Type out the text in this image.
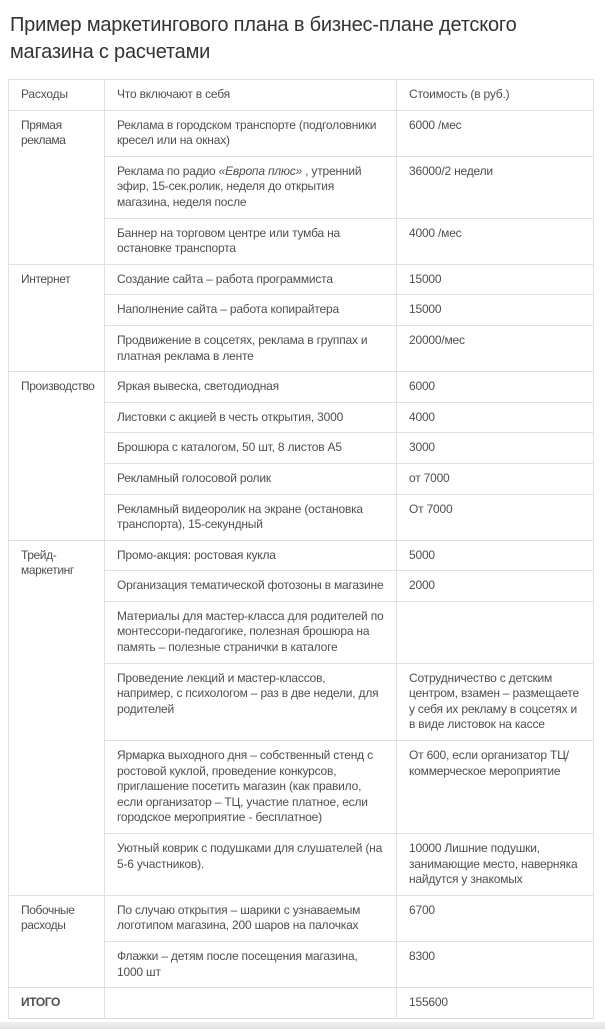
Пример маркетингового плана в бизнес-плане детского магазина с расчетами
Расходы	Что включают в себя	Стоимость (в руб.)
Прямая реклама	Реклама в городском транспорте (подголовники кресел или на окнах)	6000 /мес
	Реклама по радио «Европа плюс» , утренний эфир, 15-сек.ролик, неделя до открытия магазина, неделя после	36000/2 недели
	Баннер на торговом центре или тумба на остановке транспорта	4000 /мес
Интернет	Создание сайта – работа программиста	15000
	Наполнение сайта – работа копирайтера	15000
	Продвижение в соцсетях, реклама в группах и платная реклама в ленте	20000/мес
Производство	Яркая вывеска, светодиодная	6000
	Листовки с акцией в честь открытия, 3000	4000
	Брошюра с каталогом, 50 шт, 8 листов А5	3000
	Рекламный голосовой ролик	от 7000
	Рекламный видеоролик на экране (остановка транспорта), 15-секундный	От 7000
Трейд-маркетинг	Промо-акция: ростовая кукла	5000
	Организация тематической фотозоны в магазине	2000
	Материалы для мастер-класса для родителей по монтессори-педагогике, полезная брошюра на память – полезные странички в каталоге	
	Проведение лекций и мастер-классов, например, с психологом – раз в две недели, для родителей	Сотрудничество с детским центром, взамен – размещаете у себя их рекламу в соцсетях и в виде листовок на кассе
	Ярмарка выходного дня – собственный стенд с ростовой куклой, проведение конкурсов, приглашение посетить магазин (как правило, если организатор – ТЦ, участие платное, если городское мероприятие - бесплатное)	От 600, если организатор ТЦ/ коммерческое мероприятие
	Уютный коврик с подушками для слушателей (на 5-6 участников).	10000 Лишние подушки, занимающие место, наверняка найдутся у знакомых
Побочные расходы	По случаю открытия – шарики с узнаваемым логотипом магазина, 200 шаров на палочках	6700
	Флажки – детям после посещения магазина, 1000 шт	8300
ИТОГО		155600
